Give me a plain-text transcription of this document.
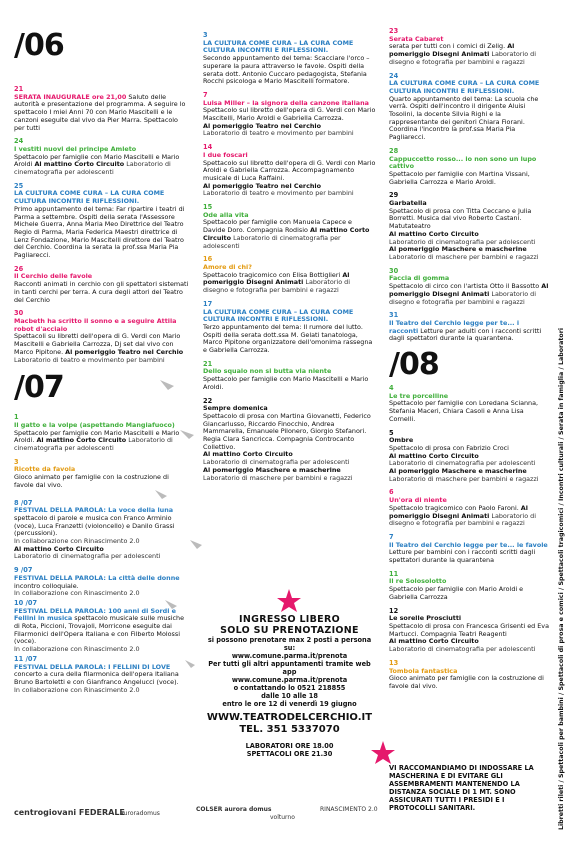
/06
21
SERATA INAUGURALE ore 21,00 Saluto delle autorità e presentazione del programma. A seguire lo spettacolo I miei Anni 70 con Mario Mascitelli e le canzoni eseguite dal vivo da Pier Marra. Spettacolo per tutti
24
I vestiti nuovi del principe Amleto
Spettacolo per famiglie con Mario Mascitelli e Mario Aroldi Al mattino Corto Circuito Laboratorio di cinematografia per adolescenti
25
LA CULTURA COME CURA – LA CURA COME CULTURA INCONTRI E RIFLESSIONI.
Primo appuntamento del tema: Far ripartire i teatri di Parma a settembre. Ospiti della serata l'Assessore Michele Guerra, Anna Maria Meo Direttrice del Teatro Regio di Parma, Maria Federica Maestri direttrice di Lenz Fondazione, Mario Mascitelli direttore del Teatro del Cerchio. Coordina la serata la prof.ssa Maria Pia Pagliarecci.
26
Il Cerchio delle favole
Racconti animati in cerchio con gli spettatori sistemati in tanti cerchi per terra. A cura degli attori del Teatro del Cerchio
30
Macbeth ha scritto il sonno e a seguire Attila robot d'acciaio
Spettacoli su libretti dell'opera di G. Verdi con Mario Mascitelli e Gabriella Carrozza, Dj set dal vivo con Marco Pipitone. Al pomeriggio Teatro nel Cerchio Laboratorio di teatro e movimento per bambini
/07
1
Il gatto e la volpe (aspettando Mangiafuoco)
Spettacolo per famiglie con Mario Mascitelli e Mario Aroldi. Al mattino Corto Circuito Laboratorio di cinematografia per adolescenti
3
Ricotte da favola
Gioco animato per famiglie con la costruzione di favole dal vivo.
8 /07
FESTIVAL DELLA PAROLA: La voce della luna spettacolo di parole e musica con Franco Arminio (voce), Luca Franzetti (violoncello) e Danilo Grassi (percussioni).
In collaborazione con Rinascimento 2.0
Al mattino Corto Circuito
Laboratorio di cinematografia per adolescenti
9 /07
FESTIVAL DELLA PAROLA: La città delle donne incontro colloquiale.
In collaborazione con Rinascimento 2.0
10 /07
FESTIVAL DELLA PAROLA: 100 anni di Sordi e Fellini in musica spettacolo musicale sulle musiche di Rota, Piccioni, Trovajoli, Morricone eseguite dai Filarmonici dell'Opera Italiana e con Filberto Molossi (voce).
In collaborazione con Rinascimento 2.0
11 /07
FESTIVAL DELLA PAROLA: I FELLINI DI LOVE concerto a cura della filarmonica dell'opera Italiana Bruno Bartoletti e con Gianfranco Angelucci (voce).
In collaborazione con Rinascimento 2.0
3
LA CULTURA COME CURA – LA CURA COME CULTURA INCONTRI E RIFLESSIONI.
Secondo appuntamento del tema: Scacciare l'orco – superare la paura attraverso le favole. Ospiti della serata dott. Antonio Cuccaro pedagogista, Stefania Rocchi psicologa e Mario Mascitelli formatore.
7
Luisa Miller – la signora della canzone italiana
Spettacolo sul libretto dell'opera di G. Verdi con Mario Mascitelli, Mario Aroldi e Gabriella Carrozza.
Al pomeriggio Teatro nel Cerchio
Laboratorio di teatro e movimento per bambini
14
I due foscari
Spettacolo sul libretto dell'opera di G. Verdi con Mario Aroldi e Gabriella Carrozza. Accompagnamento musicale di Luca Raffaini.
Al pomeriggio Teatro nel Cerchio
Laboratorio di teatro e movimento per bambini
15
Ode alla vita
Spettacolo per famiglie con Manuela Capece e Davide Doro. Compagnia Rodisio Al mattino Corto Circuito Laboratorio di cinematografia per adolescenti
16
Amore di chi?
Spettacolo tragicomico con Elisa Bottiglieri Al pomeriggio Disegni Animati Laboratorio di disegno e fotografia per bambini e ragazzi
17
LA CULTURA COME CURA – LA CURA COME CULTURA INCONTRI E RIFLESSIONI.
Terzo appuntamento del tema: Il rumore del lutto. Ospiti della serata dott.ssa M. Gelati tanatologa, Marco Pipitone organizzatore dell'omonima rassegna e Gabriella Carrozza.
21
Dello squalo non si butta via niente
Spettacolo per famiglie con Mario Mascitelli e Mario Aroldi.
22
Sempre domenica
Spettacolo di prosa con Martina Giovanetti, Federico Giancarlusso, Riccardo Finocchio, Andrea Mammarella, Emanuele Pilonero, Giorgio Stefanori. Regia Clara Sancricca. Compagnia Controcanto Collettivo.
Al mattino Corto Circuito
Laboratorio di cinematografia per adolescenti
Al pomeriggio Maschere e mascherine
Laboratorio di maschere per bambini e ragazzi
INGRESSO LIBERO
SOLO SU PRENOTAZIONE
si possono prenotare max 2 posti a persona su:
www.comune.parma.it/prenota
Per tutti gli altri appuntamenti tramite web app
www.comune.parma.it/prenota
o contattando lo 0521 218855
dalle 10 alle 18
entro le ore 12 di venerdì 19 giugno
WWW.TEATRODELCERCHIO.IT
TEL. 351 5337070
LABORATORI ORE 18.00
SPETTACOLI ORE 21.30
23
Serata Cabaret
serata per tutti con i comici di Zelig. Al pomeriggio Disegni Animati Laboratorio di disegno e fotografia per bambini e ragazzi
24
LA CULTURA COME CURA – LA CURA COME CULTURA INCONTRI E RIFLESSIONI.
Quarto appuntamento del tema: La scuola che verrà. Ospiti dell'incontro il dirigente Aluisi Tosolini, la docente Silvia Righi e la rappresentante dei genitori Chiara Fiorani. Coordina l'incontro la prof.ssa Maria Pia Pagliarecci.
28
Cappuccetto rosso... io non sono un lupo cattivo
Spettacolo per famiglie con Martina Vissani, Gabriella Carrozza e Mario Aroldi.
29
Garbatella
Spettacolo di prosa con Titta Ceccano e Julia Borretti. Musica dal vivo Roberto Castani. Matutateatro
Al mattino Corto Circuito
Laboratorio di cinematografia per adolescenti
Al pomeriggio Maschere e mascherine
Laboratorio di maschere per bambini e ragazzi
30
Faccia di gomma
Spettacolo di circo con l'artista Otto il Bassotto Al pomeriggio Disegni Animati Laboratorio di disegno e fotografia per bambini e ragazzi
31
Il Teatro del Cerchio legge per te... i racconti Letture per adulti con i racconti scritti dagli spettatori durante la quarantena.
/08
4
Le tre porcelline
Spettacolo per famiglie con Loredana Scianna, Stefania Maceri, Chiara Casoli e Anna Lisa Cornelli.
5
Ombre
Spettacolo di prosa con Fabrizio Croci
Al mattino Corto Circuito
Laboratorio di cinematografia per adolescenti
Al pomeriggio Maschere e mascherine
Laboratorio di maschere per bambini e ragazzi
6
Un'ora di niente
Spettacolo tragicomico con Paolo Faroni. Al pomeriggio Disegni Animati Laboratorio di disegno e fotografia per bambini e ragazzi
7
Il Teatro del Cerchio legge per te... le favole
Letture per bambini con i racconti scritti dagli spettatori durante la quarantena
11
Il re Solosolotto
Spettacolo per famiglie con Mario Aroldi e Gabriella Carrozza
12
Le sorelle Prosciutti
Spettacolo di prosa con Francesca Grisenti ed Eva Martucci. Compagnia Teatri Reagenti
Al mattino Corto Circuito
Laboratorio di cinematografia per adolescenti
13
Tombola fantastica
Gioco animato per famiglie con la costruzione di favole dal vivo.
VI RACCOMANDIAMO DI INDOSSARE LA MASCHERINA E DI EVITARE GLI ASSEMBRAMENTI MANTENENDO LA DISTANZA SOCIALE DI 1 MT. SONO ASSICURATI TUTTI I PRESIDI E I PROTOCOLLI SANITARI.	Libretti rileti / Spettacoli per bambini / Spettacoli di prosa e comici / Spettacoli tragicomici / Incontri culturali / Serata in famiglia / Laboratori
centrogiovani FEDERALE
auroradomus
COLSER aurora domus
volturno
RINASCIMENTO 2.0
